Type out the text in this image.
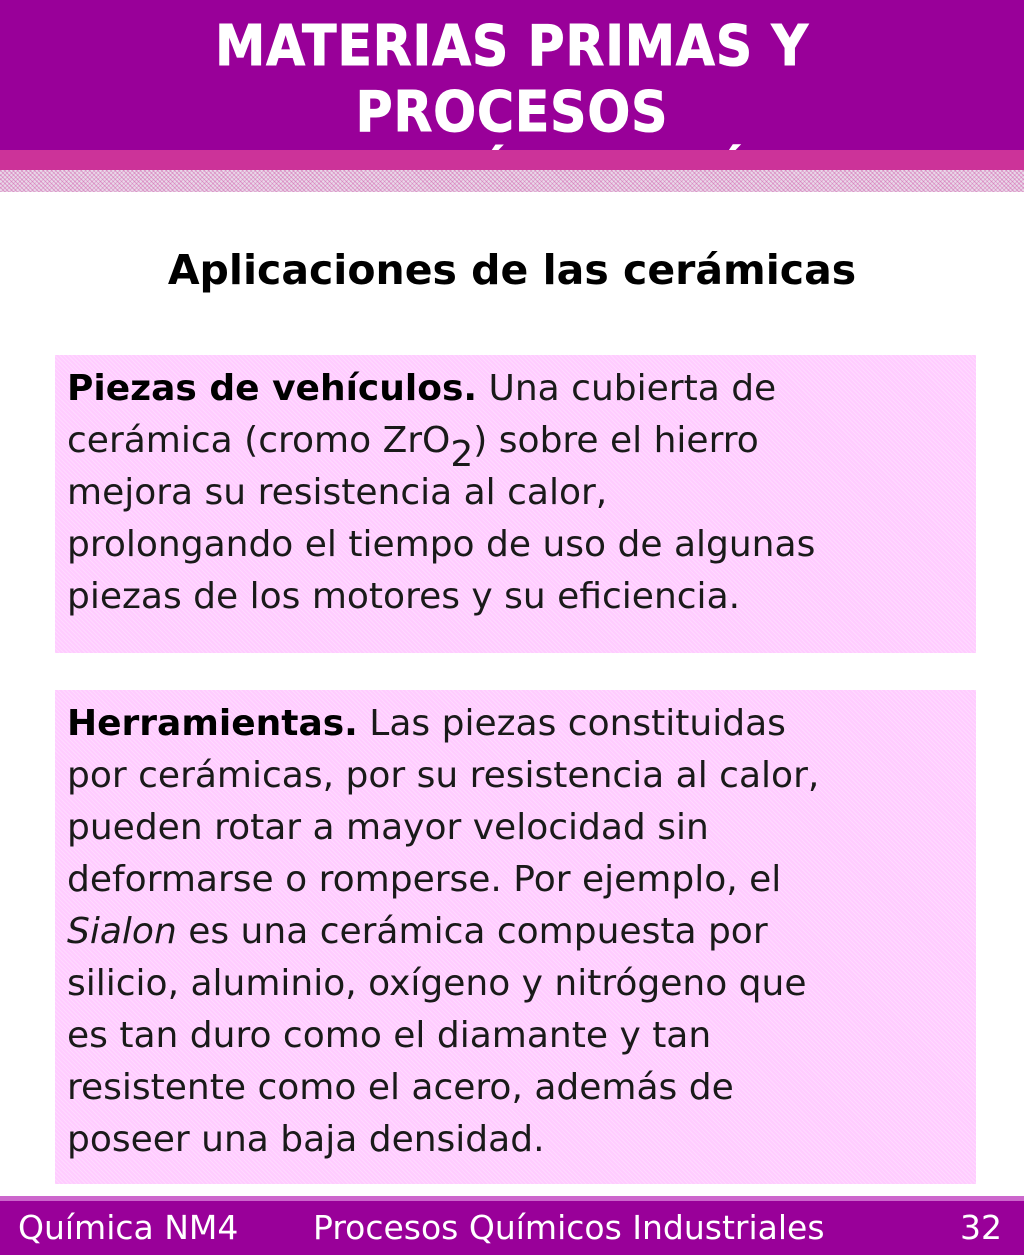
MATERIAS PRIMAS Y PROCESOS
Aplicaciones de las cerámicas
Piezas de vehículos. Una cubierta de
cerámica (cromo ZrO2) sobre el hierro
mejora su resistencia al calor,
prolongando el tiempo de uso de algunas
piezas de los motores y su eficiencia.
Herramientas. Las piezas constituidas
por cerámicas, por su resistencia al calor,
pueden rotar a mayor velocidad sin
deformarse o romperse. Por ejemplo, el
Sialon es una cerámica compuesta por
silicio, aluminio, oxígeno y nitrógeno que
es tan duro como el diamante y tan
resistente como el acero, además de
poseer una baja densidad.
Química NM4 Procesos Químicos Industriales	32
